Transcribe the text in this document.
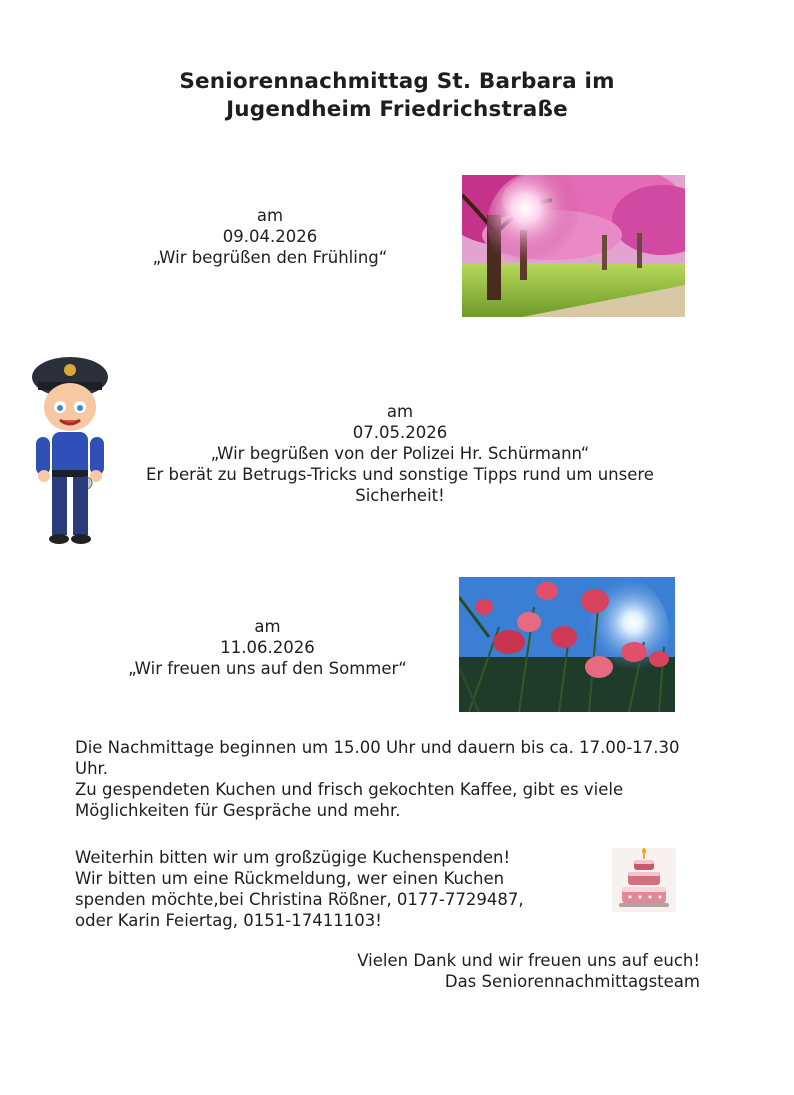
Seniorennachmittag St. Barbara im
Jugendheim Friedrichstraße
am
09.04.2026
„Wir begrüßen den Frühling“
am
07.05.2026
„Wir begrüßen von der Polizei Hr. Schürmann“
Er berät zu Betrugs-Tricks und sonstige Tipps rund um unsere Sicherheit!
am
11.06.2026
„Wir freuen uns auf den Sommer“

Die Nachmittage beginnen um 15.00 Uhr und dauern bis ca. 17.00-17.30 Uhr.

Zu gespendeten Kuchen und frisch gekochten Kaffee, gibt es viele Möglichkeiten für Gespräche und mehr.

Weiterhin bitten wir um großzügige Kuchenspenden!
Wir bitten um eine Rückmeldung, wer einen Kuchen
spenden möchte,bei Christina Rößner, 0177-7729487,
oder Karin Feiertag, 0151-17411103!
Vielen Dank und wir freuen uns auf euch!
Das Seniorennachmittagsteam
